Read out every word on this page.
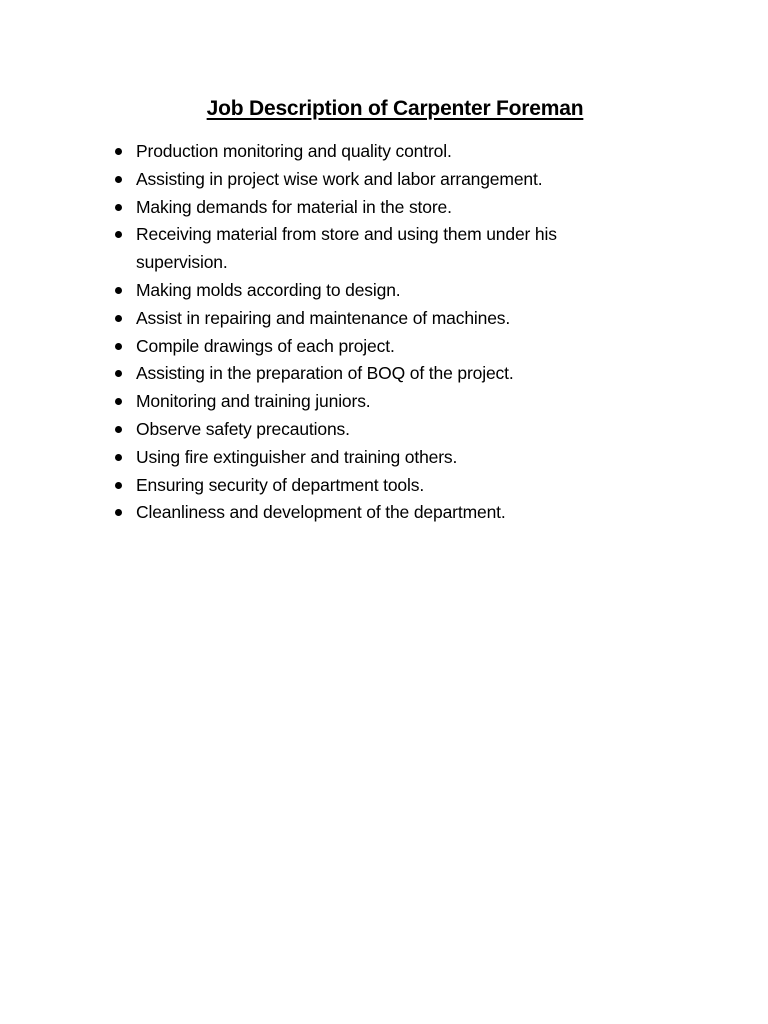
Job Description of Carpenter Foreman
Production monitoring and quality control.
Assisting in project wise work and labor arrangement.
Making demands for material in the store.
Receiving material from store and using them under his supervision.
Making molds according to design.
Assist in repairing and maintenance of machines.
Compile drawings of each project.
Assisting in the preparation of BOQ of the project.
Monitoring and training juniors.
Observe safety precautions.
Using fire extinguisher and training others.
Ensuring security of department tools.
Cleanliness and development of the department.
